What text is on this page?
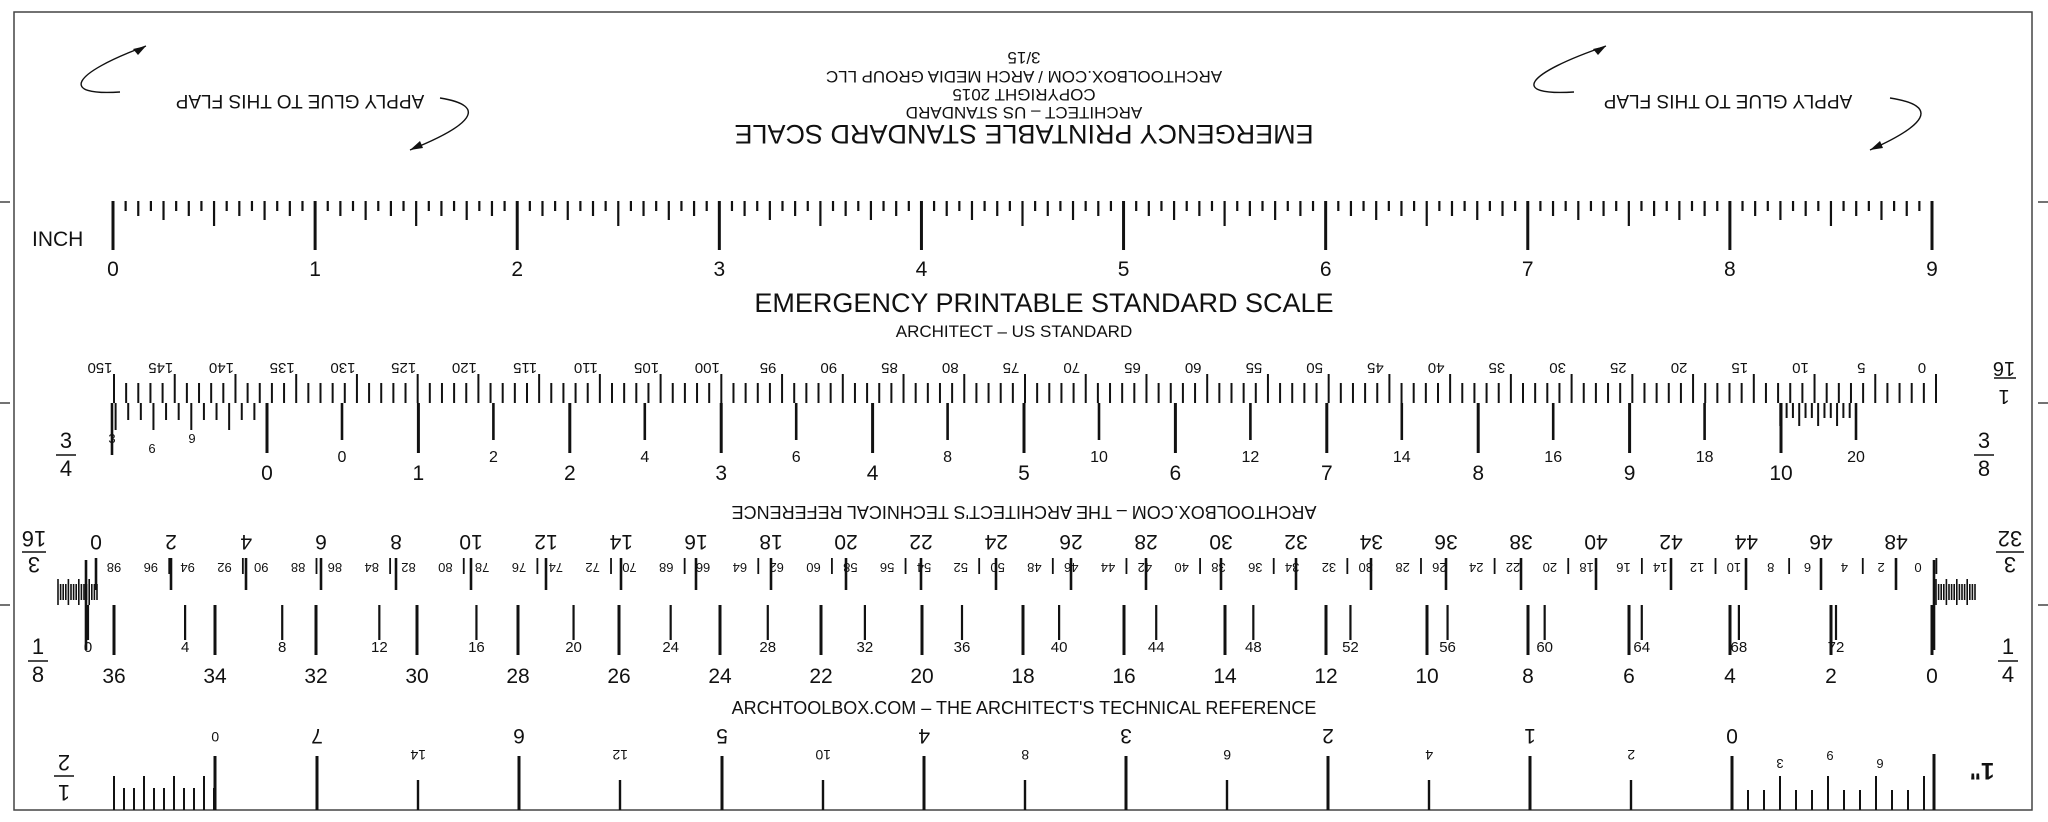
EMERGENCY PRINTABLE STANDARD SCALE
ARCHITECT – US STANDARD
COPYRIGHT 2015
ARCHTOOLBOX.COM / ARCH MEDIA GROUP LLC
3/15
APPLY GLUE TO THIS FLAP	APPLY GLUE TO THIS FLAP
INCH
0	1	2	3	4	5	6	7	8	9
EMERGENCY PRINTABLE STANDARD SCALE
ARCHITECT – US STANDARD
150 145 140 135 130 125 120 115 110 105 100	95	90	85	80	75	70	65	60	55	50	45	40	35	30	25	20	15	10	5	0
0	1	2	3	4	5	6	7	8	9	10
20
18
16
14
12
10
8
6
4
2
0
9
6
3
3
4
3
8
1
16
ARCHTOOLBOX.COM – THE ARCHITECT'S TECHNICAL REFERENCE
0	2	4	6	8	10 12 14 16 18 20 22 24 26 28 30 32 34 36 38 40 42 44 46 48
98 96 94 92 90 88 86 84 82 80 78 76 74 72 70 68 66 64 62 60 58 56 54 52 50 48 46 44 42 40 38 36 34 32 30 28 26 24 22 20 18 16 14 12 10 8 6 4 2 0
0	4	8	12	16	20	24	28	32	36	40	44	48	52	56	60	64	68	72
36	34	32	30	28	26	24	22	20	18	16	14	12	10	8	6	4	2	0
3
16
3
32
1
8
1
4
ARCHTOOLBOX.COM – THE ARCHITECT'S TECHNICAL REFERENCE
0	7	6	5	4	3	2	1	0
2
4
6
8
10
12
14
3
9
6
1
2	1"
